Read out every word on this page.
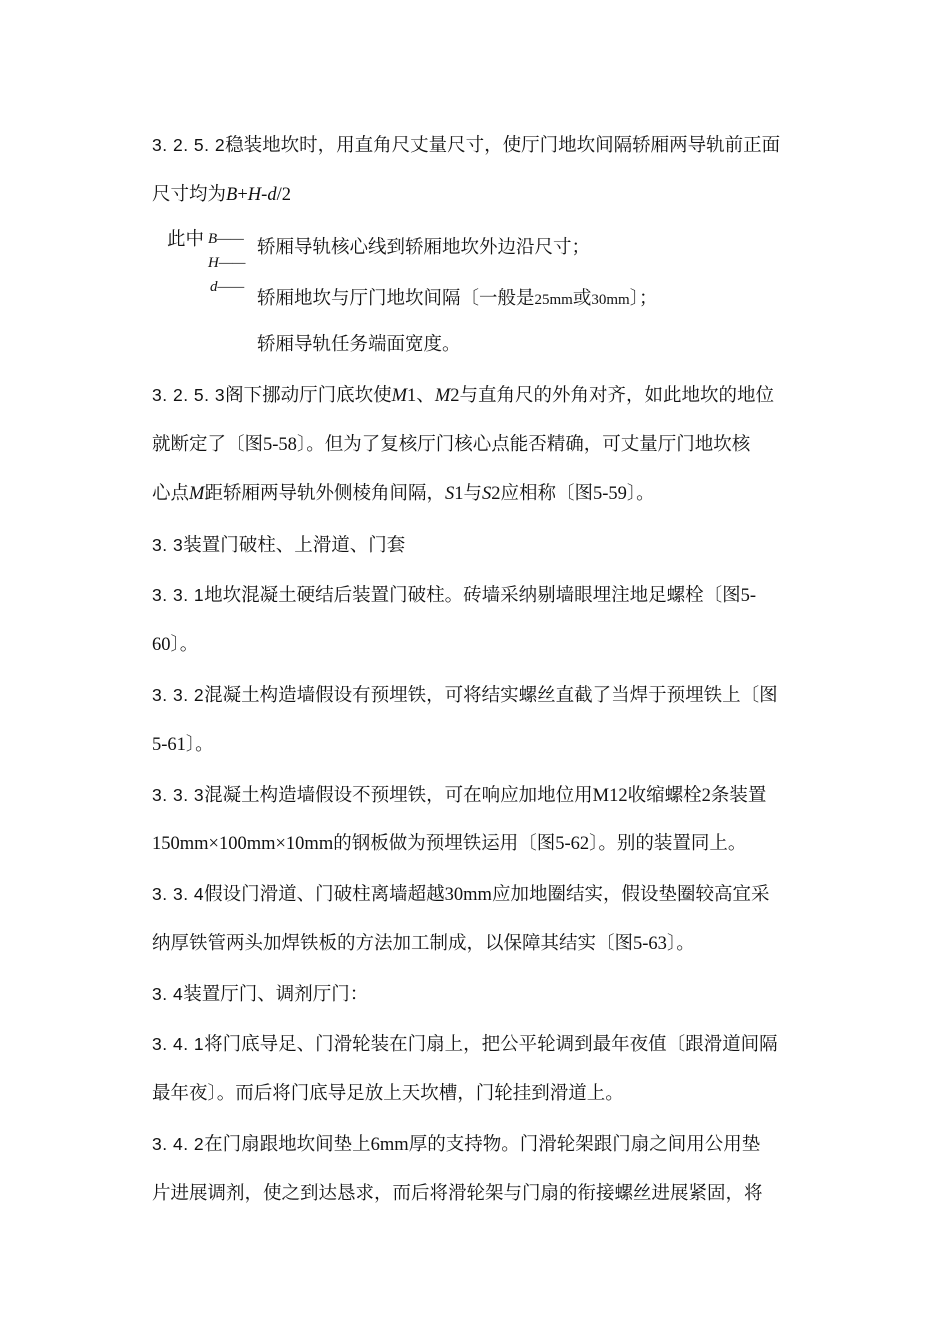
3. 2. 5. 2稳装地坎时，用直角尺丈量尺寸，使厅门地坎间隔轿厢两导轨前正面
尺寸均为B+H-d/2
此中 B——
H——
d——
轿厢导轨核心线到轿厢地坎外边沿尺寸；
轿厢地坎与厅门地坎间隔〔一般是25mm或30mm〕；
轿厢导轨任务端面宽度。
3. 2. 5. 3阁下挪动厅门底坎使M1、M2与直角尺的外角对齐，如此地坎的地位
就断定了〔图5-58〕。但为了复核厅门核心点能否精确，可丈量厅门地坎核
心点M距轿厢两导轨外侧棱角间隔，S1与S2应相称〔图5-59〕。
3. 3装置门破柱、上滑道、门套
3. 3. 1地坎混凝土硬结后装置门破柱。砖墙采纳剔墙眼埋注地足螺栓〔图5-
60〕。
3. 3. 2混凝土构造墙假设有预埋铁，可将结实螺丝直截了当焊于预埋铁上〔图
5-61〕。
3. 3. 3混凝土构造墙假设不预埋铁，可在响应加地位用M12收缩螺栓2条装置
150mm×100mm×10mm的钢板做为预埋铁运用〔图5-62〕。别的装置同上。
3. 3. 4假设门滑道、门破柱离墙超越30mm应加地圈结实，假设垫圈较高宜采
纳厚铁管两头加焊铁板的方法加工制成，以保障其结实〔图5-63〕。
3. 4装置厅门、调剂厅门：
3. 4. 1将门底导足、门滑轮装在门扇上，把公平轮调到最年夜值〔跟滑道间隔
最年夜〕。而后将门底导足放上天坎槽，门轮挂到滑道上。
3. 4. 2在门扇跟地坎间垫上6mm厚的支持物。门滑轮架跟门扇之间用公用垫
片进展调剂，使之到达恳求，而后将滑轮架与门扇的衔接螺丝进展紧固，将
